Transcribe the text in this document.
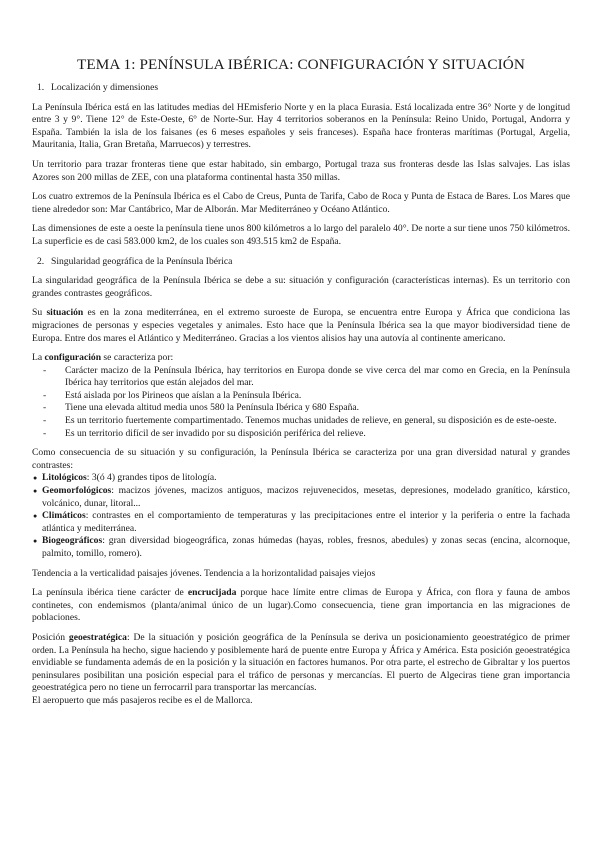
TEMA 1: PENÍNSULA IBÉRICA: CONFIGURACIÓN Y SITUACIÓN
1. Localización y dimensiones

La Península Ibérica está en las latitudes medias del HEmisferio Norte y en la placa Eurasia. Está localizada entre 36° Norte y de longitud entre 3 y 9°. Tiene 12° de Este-Oeste, 6° de Norte-Sur. Hay 4 territorios soberanos en la Península: Reino Unido, Portugal, Andorra y España. También la isla de los faisanes (es 6 meses españoles y seis franceses). España hace fronteras marítimas (Portugal, Argelia, Mauritania, Italia, Gran Bretaña, Marruecos) y terrestres.

Un territorio para trazar fronteras tiene que estar habitado, sin embargo, Portugal traza sus fronteras desde las Islas salvajes. Las islas Azores son 200 millas de ZEE, con una plataforma continental hasta 350 millas.

Los cuatro extremos de la Península Ibérica es el Cabo de Creus, Punta de Tarifa, Cabo de Roca y Punta de Estaca de Bares. Los Mares que tiene alrededor son: Mar Cantábrico, Mar de Alborán. Mar Mediterráneo y Océano Atlántico.

Las dimensiones de este a oeste la península tiene unos 800 kilómetros a lo largo del paralelo 40°. De norte a sur tiene unos 750 kilómetros. La superficie es de casi 583.000 km2, de los cuales son 493.515 km2 de España.

2. Singularidad geográfica de la Península Ibérica

La singularidad geográfica de la Península Ibérica se debe a su: situación y configuración (características internas). Es un territorio con grandes contrastes geográficos.

Su situación es en la zona mediterránea, en el extremo suroeste de Europa, se encuentra entre Europa y África que condiciona las migraciones de personas y especies vegetales y animales. Esto hace que la Península Ibérica sea la que mayor biodiversidad tiene de Europa. Entre dos mares el Atlántico y Mediterráneo. Gracias a los vientos alisios hay una autovía al continente americano.

La configuración se caracteriza por:

- Carácter macizo de la Península Ibérica, hay territorios en Europa donde se vive cerca del mar como en Grecia, en la Península Ibérica hay territorios que están alejados del mar.
- Está aislada por los Pirineos que aíslan a la Península Ibérica.
- Tiene una elevada altitud media unos 580 la Península Ibérica y 680 España.
- Es un territorio fuertemente compartimentado. Tenemos muchas unidades de relieve, en general, su disposición es de este-oeste.
- Es un territorio difícil de ser invadido por su disposición periférica del relieve.

Como consecuencia de su situación y su configuración, la Península Ibérica se caracteriza por una gran diversidad natural y grandes contrastes:

● Litológicos: 3(ó 4) grandes tipos de litología.
● Geomorfológicos: macizos jóvenes, macizos antiguos, macizos rejuvenecidos, mesetas, depresiones, modelado granítico, kárstico, volcánico, dunar, litoral...
● Climáticos: contrastes en el comportamiento de temperaturas y las precipitaciones entre el interior y la periferia o entre la fachada atlántica y mediterránea.
● Biogeográficos: gran diversidad biogeográfica, zonas húmedas (hayas, robles, fresnos, abedules) y zonas secas (encina, alcornoque, palmito, tomillo, romero).

Tendencia a la verticalidad paisajes jóvenes. Tendencia a la horizontalidad paisajes viejos

La península ibérica tiene carácter de encrucijada porque hace límite entre climas de Europa y África, con flora y fauna de ambos continetes, con endemismos (planta/animal único de un lugar).Como consecuencia, tiene gran importancia en las migraciones de poblaciones.

Posición geoestratégica: De la situación y posición geográfica de la Península se deriva un posicionamiento geoestratégico de primer orden. La Península ha hecho, sigue haciendo y posiblemente hará de puente entre Europa y África y América. Esta posición geoestratégica envidiable se fundamenta además de en la posición y la situación en factores humanos. Por otra parte, el estrecho de Gibraltar y los puertos peninsulares posibilitan una posición especial para el tráfico de personas y mercancías. El puerto de Algeciras tiene gran importancia geoestratégica pero no tiene un ferrocarril para transportar las mercancías.

El aeropuerto que más pasajeros recibe es el de Mallorca.
